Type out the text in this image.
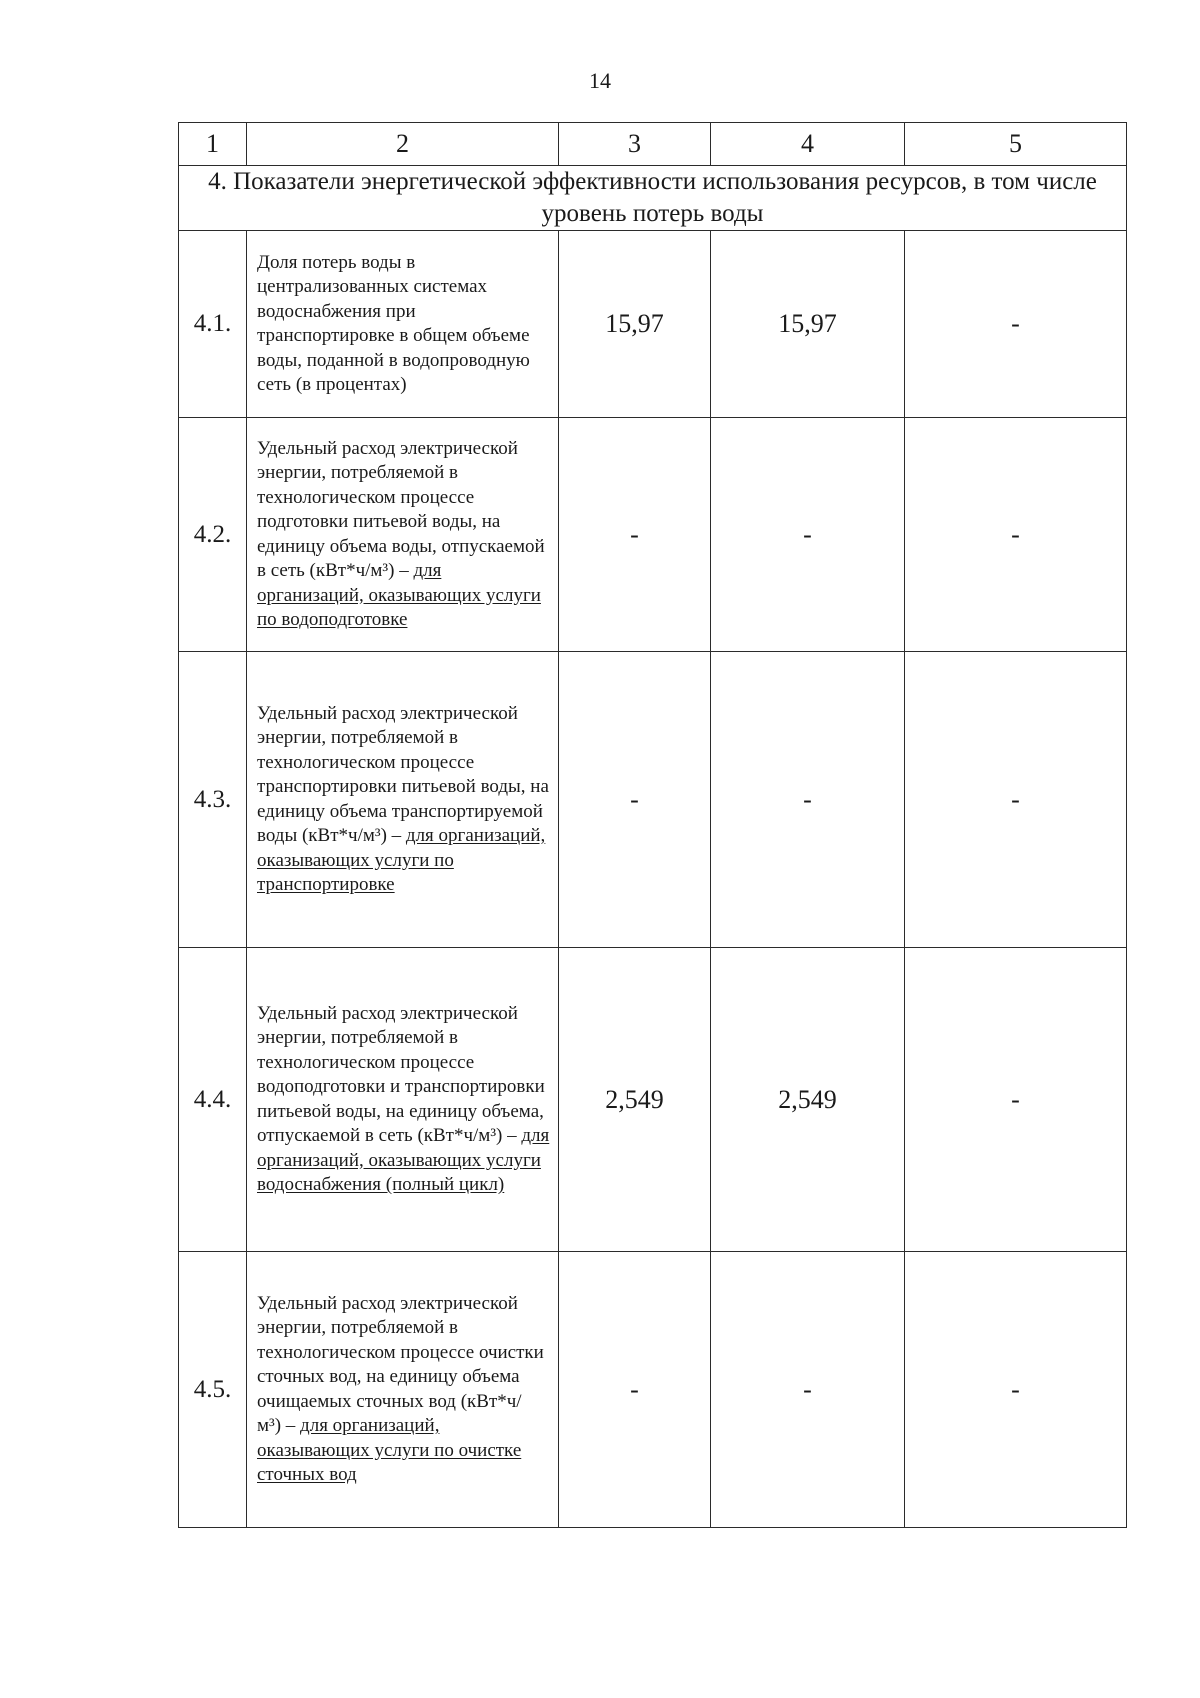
14
1	2	3	4	5
4. Показатели энергетической эффективности использования ресурсов, в том числе уровень потерь воды				
4.1.	Доля потерь воды в централизованных системах водоснабжения при транспортировке в общем объеме воды, поданной в водопроводную сеть (в процентах)	15,97	15,97	-
4.2.	Удельный расход электрической энергии, потребляемой в технологическом процессе подготовки питьевой воды, на единицу объема воды, отпускаемой в сеть (кВт*ч/м³) – для организаций, оказывающих услуги по водоподготовке	-	-	-
4.3.	Удельный расход электрической энергии, потребляемой в технологическом процессе транспортировки питьевой воды, на единицу объема транспортируемой воды (кВт*ч/м³) – для организаций, оказывающих услуги по транспортировке	-	-	-
4.4.	Удельный расход электрической энергии, потребляемой в технологическом процессе водоподготовки и транспортировки питьевой воды, на единицу объема, отпускаемой в сеть (кВт*ч/м³) – для организаций, оказывающих услуги водоснабжения (полный цикл)	2,549	2,549	-
4.5.	Удельный расход электрической энергии, потребляемой в технологическом процессе очистки сточных вод, на единицу объема очищаемых сточных вод (кВт*ч/ м³) – для организаций, оказывающих услуги по очистке сточных вод	-	-	-
